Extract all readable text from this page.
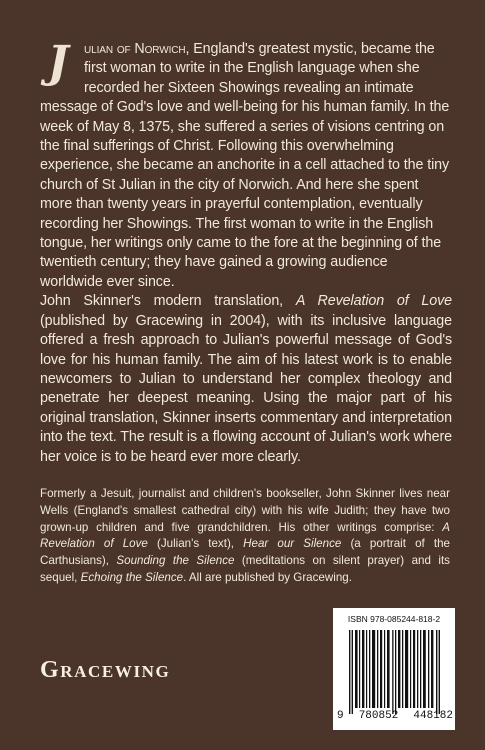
J	ulian of Norwich, England's greatest mystic, became the first woman to write in the English language when she recorded her Sixteen Showings revealing an intimate message of God's love and well-being for his human family. In the week of May 8, 1375, she suffered a series of visions centring on the final sufferings of Christ. Following this overwhelming experience, she became an anchorite in a cell attached to the tiny church of St Julian in the city of Norwich. And here she spent more than twenty years in prayerful contemplation, eventually recording her Showings. The first woman to write in the English tongue, her writings only came to the fore at the beginning of the twentieth century; they have gained a growing audience worldwide ever since.

John Skinner's modern translation, A Revelation of Love (published by Gracewing in 2004), with its inclusive language offered a fresh approach to Julian's powerful message of God's love for his human family. The aim of his latest work is to enable newcomers to Julian to understand her complex theology and penetrate her deepest meaning. Using the major part of his original translation, Skinner inserts commentary and interpretation into the text. The result is a flowing account of Julian's work where her voice is to be heard ever more clearly.

Formerly a Jesuit, journalist and children's bookseller, John Skinner lives near Wells (England's smallest cathedral city) with his wife Judith; they have two grown-up children and five grandchildren. His other writings comprise: A Revelation of Love (Julian's text), Hear our Silence (a portrait of the Carthusians), Sounding the Silence (meditations on silent prayer) and its sequel, Echoing the Silence. All are published by Gracewing.

Gracewing
ISBN 978-085244-818-2
9 780852 448182
